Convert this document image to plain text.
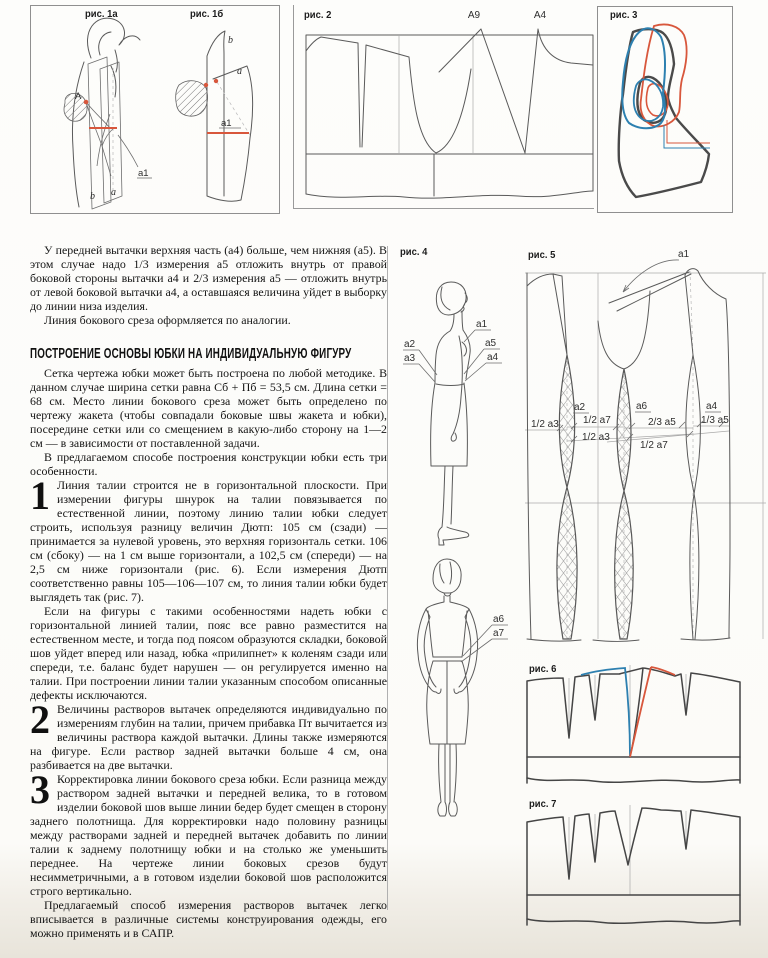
А
а1
b a
а1
b
а
рис. 1а	рис. 1б	А9	А4
рис. 2	рис. 3

У передней вытачки верхняя часть (а4) больше, чем нижняя (а5). В этом случае надо 1/3 измерения а5 отложить внутрь от правой боковой стороны вытачки а4 и 2/3 измерения а5 — отложить внутрь от левой боковой вытачки а4, а оставшаяся величина уйдет в выборку до линии низа изделия.

Линия бокового среза оформляется по аналогии.

ПОСТРОЕНИЕ ОСНОВЫ ЮБКИ НА ИНДИВИДУАЛЬНУЮ ФИГУРУ

Сетка чертежа юбки может быть построена по любой методике. В данном случае ширина сетки равна Сб + Пб = 53,5 см. Длина сетки = 68 см. Место линии бокового среза может быть определено по чертежу жакета (чтобы совпадали боковые швы жакета и юбки), посередине сетки или со смещением в какую-либо сторону на 1—2 см — в зависимости от поставленной задачи.

В предлагаемом способе построения конструкции юбки есть три особенности.

1 Линия талии строится не в горизонтальной плоскости. При измерении фигуры шнурок на талии повязывается по естественной линии, поэтому линию талии юбки следует строить, используя разницу величин Дютп: 105 см (сзади) — принимается за нулевой уровень, это верхняя горизонталь сетки. 106 см (сбоку) — на 1 см выше горизонтали, а 102,5 см (спереди) — на 2,5 см ниже горизонтали (рис. 6). Если измерения Дютп соответственно равны 105—106—107 см, то линия талии юбки будет выглядеть так (рис. 7).

Если на фигуры с такими особенностями надеть юбки с горизонтальной линией талии, пояс все равно разместится на естественном месте, и тогда под поясом образуются складки, боковой шов уйдет вперед или назад, юбка «прилипнет» к коленям сзади или спереди, т.е. баланс будет нарушен — он регулируется именно на талии. При построении линии талии указанным способом описанные дефекты исключаются.

2 Величины растворов вытачек определяются индивидуально по измерениям глубин на талии, причем прибавка Пт вычитается из величины раствора каждой вытачки. Длины также измеряются на фигуре. Если раствор задней вытачки больше 4 см, она разбивается на две вытачки.

3 Корректировка линии бокового среза юбки. Если разница между раствором задней вытачки и передней велика, то в готовом изделии боковой шов выше линии бедер будет смещен в сторону заднего полотнища. Для корректировки надо половину разницы между растворами задней и передней вытачек добавить по линии талии к заднему полотнищу юбки и на столько же уменьшить переднее. На чертеже линии боковых срезов будут несимметричными, а в готовом изделии боковой шов расположится строго вертикально.

Предлагаемый способ измерения растворов вытачек легко вписывается в различные системы конструирования одежды, его можно применять и в САПР.

а1
а2
а3
а5
а4
а6
а7
рис. 4	а1
а2	а6	а4
1/2 а3 1/2 а7	2/3 а5	1/3 а5
1/2 а3
1/2 а7
рис. 5
рис. 6
рис. 7
